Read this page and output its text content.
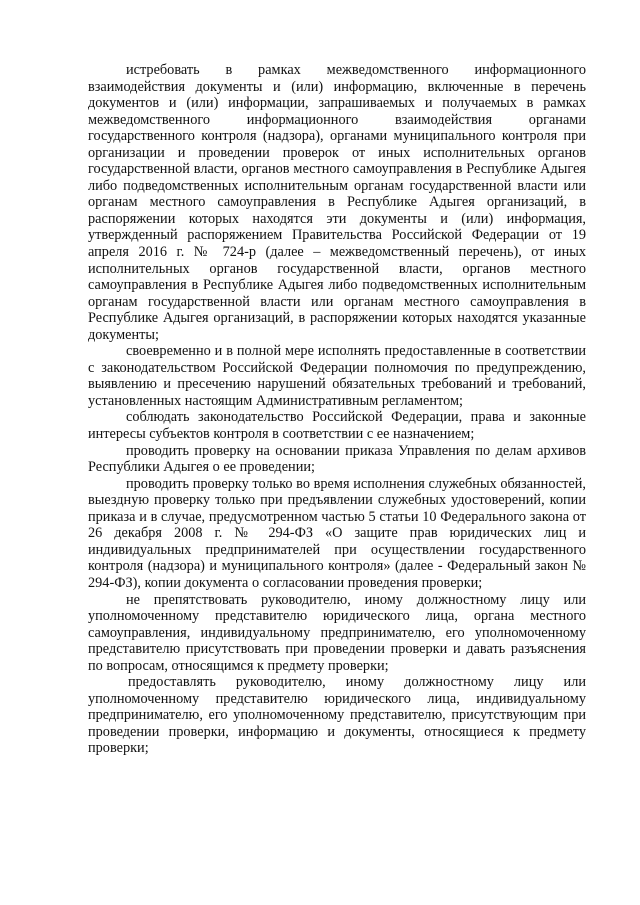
истребовать в рамках межведомственного информационного взаимодействия документы и (или) информацию, включенные в перечень документов и (или) информации, запрашиваемых и получаемых в рамках межведомственного информационного взаимодействия органами государственного контроля (надзора), органами муниципального контроля при организации и проведении проверок от иных исполнительных органов государственной власти, органов местного самоуправления в Республике Адыгея либо подведомственных исполнительным органам государственной власти или органам местного самоуправления в Республике Адыгея организаций, в распоряжении которых находятся эти документы и (или) информация, утвержденный распоряжением Правительства Российской Федерации от 19 апреля 2016 г. № 724-р (далее – межведомственный перечень), от иных исполнительных органов государственной власти, органов местного самоуправления в Республике Адыгея либо подведомственных исполнительным органам государственной власти или органам местного самоуправления в Республике Адыгея организаций, в распоряжении которых находятся указанные документы;

своевременно и в полной мере исполнять предоставленные в соответствии с законодательством Российской Федерации полномочия по предупреждению, выявлению и пресечению нарушений обязательных требований и требований, установленных настоящим Административным регламентом;

соблюдать законодательство Российской Федерации, права и законные интересы субъектов контроля в соответствии с ее назначением;

проводить проверку на основании приказа Управления по делам архивов Республики Адыгея о ее проведении;

проводить проверку только во время исполнения служебных обязанностей, выездную проверку только при предъявлении служебных удостоверений, копии приказа и в случае, предусмотренном частью 5 статьи 10 Федерального закона от 26 декабря 2008 г. № 294-ФЗ «О защите прав юридических лиц и индивидуальных предпринимателей при осуществлении государственного контроля (надзора) и муниципального контроля» (далее - Федеральный закон № 294-ФЗ), копии документа о согласовании проведения проверки;

не препятствовать руководителю, иному должностному лицу или уполномоченному представителю юридического лица, органа местного самоуправления, индивидуальному предпринимателю, его уполномоченному представителю присутствовать при проведении проверки и давать разъяснения по вопросам, относящимся к предмету проверки;

предоставлять руководителю, иному должностному лицу или уполномоченному представителю юридического лица, индивидуальному предпринимателю, его уполномоченному представителю, присутствующим при проведении проверки, информацию и документы, относящиеся к предмету проверки;
